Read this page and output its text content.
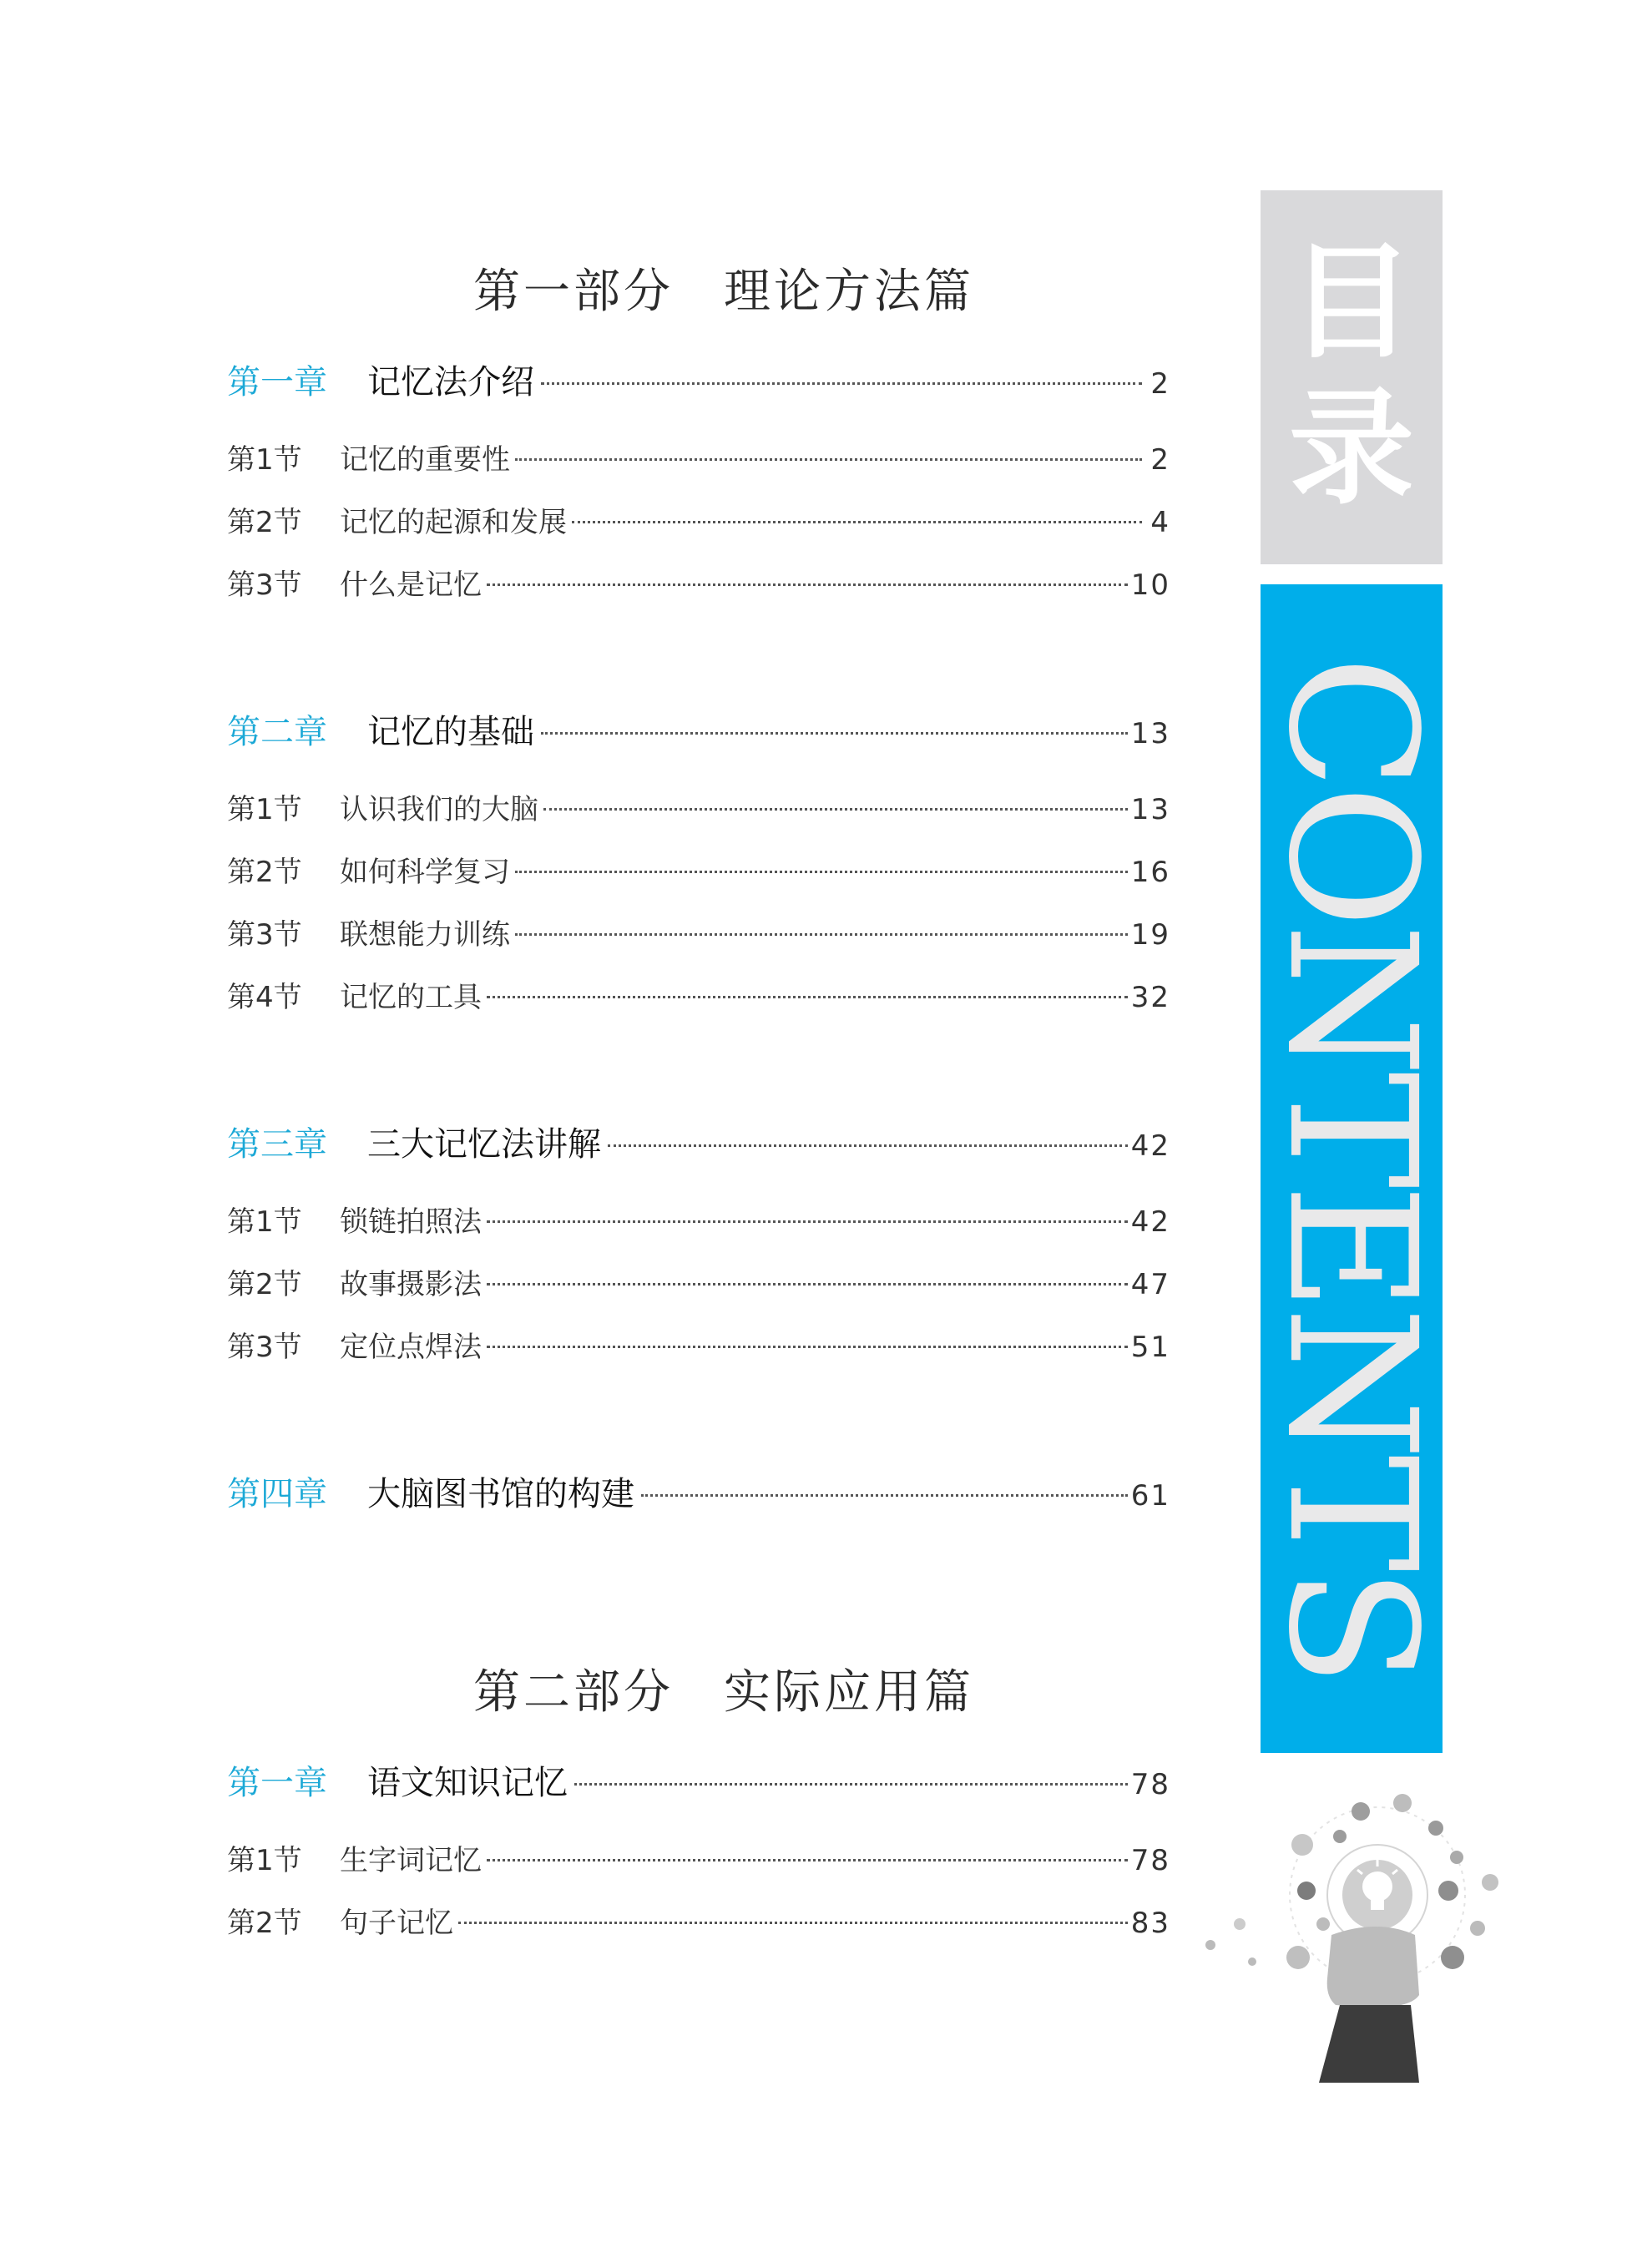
第一部分 理论方法篇
第一章	记忆法介绍	2
第1节	记忆的重要性	2
第2节	记忆的起源和发展	4
第3节	什么是记忆	10
第二章	记忆的基础	13
第1节	认识我们的大脑	13
第2节	如何科学复习	16
第3节	联想能力训练	19
第4节	记忆的工具	32
第三章	三大记忆法讲解	42
第1节	锁链拍照法	42
第2节	故事摄影法	47
第3节	定位点焊法	51
第四章	大脑图书馆的构建	61
第二部分 实际应用篇
第一章	语文知识记忆	78
第1节	生字词记忆	78
第2节	句子记忆	83
目录
CONTENTS
